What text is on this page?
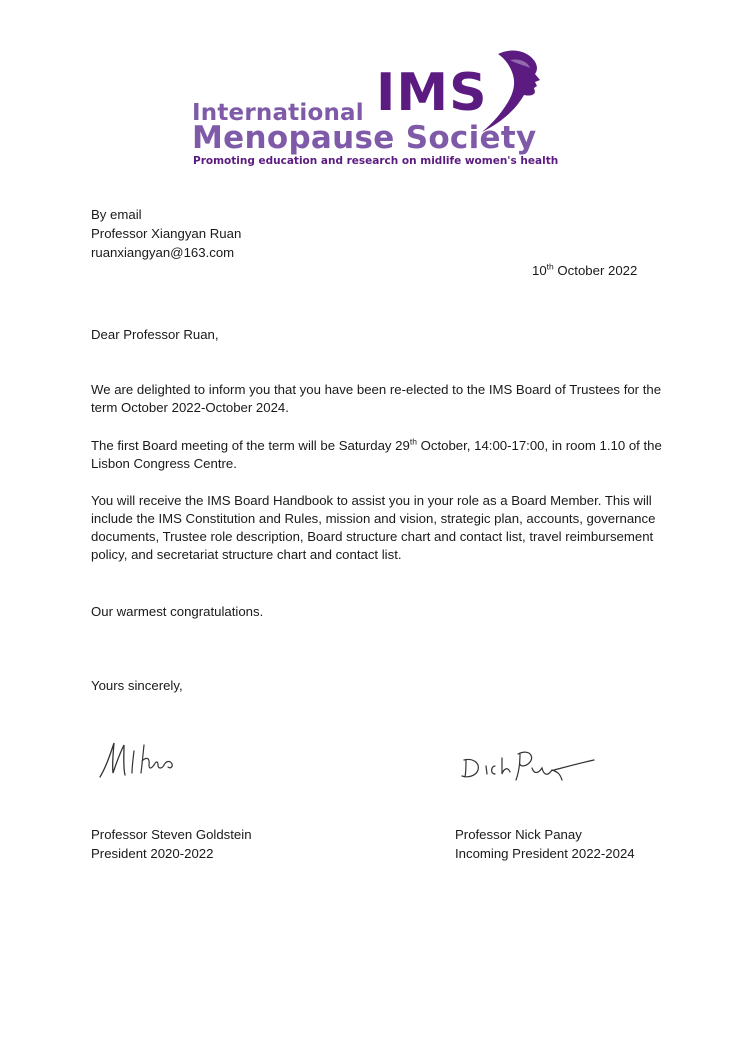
IMS
International
Menopause Society
Promoting education and research on midlife women's health
By email
Professor Xiangyan Ruan
ruanxiangyan@163.com
10th October 2022
Dear Professor Ruan,
We are delighted to inform you that you have been re-elected to the IMS Board of Trustees for the term October 2022-October 2024.
The first Board meeting of the term will be Saturday 29th October, 14:00-17:00, in room 1.10 of the Lisbon Congress Centre.
You will receive the IMS Board Handbook to assist you in your role as a Board Member. This will include the IMS Constitution and Rules, mission and vision, strategic plan, accounts, governance documents, Trustee role description, Board structure chart and contact list, travel reimbursement policy, and secretariat structure chart and contact list.
Our warmest congratulations.
Yours sincerely,
Professor Steven Goldstein
President 2020-2022
Professor Nick Panay
Incoming President 2022-2024
